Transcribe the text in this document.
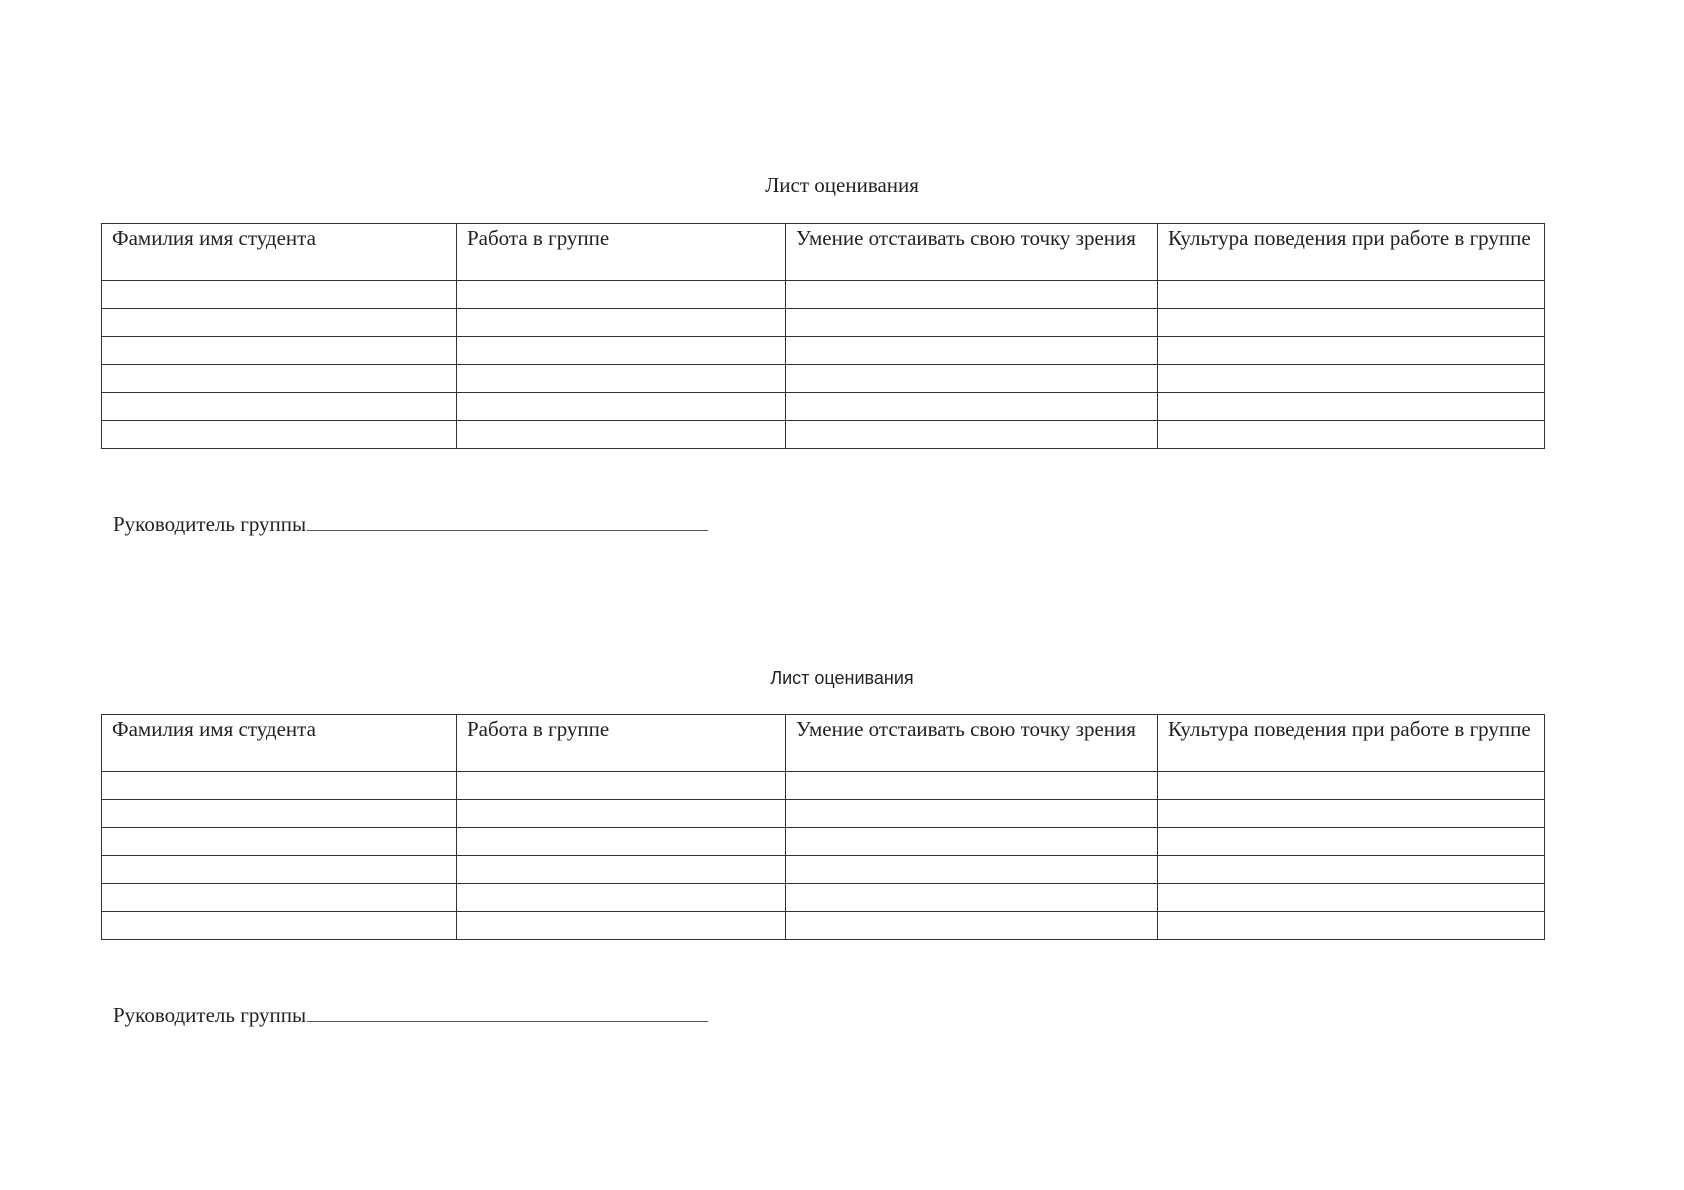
Лист оценивания
Фамилия имя студента	Работа в группе	Умение отстаивать свою точку зрения	Культура поведения при работе в группе

Руководитель группы
Лист оценивания
Фамилия имя студента	Работа в группе	Умение отстаивать свою точку зрения	Культура поведения при работе в группе

Руководитель группы
